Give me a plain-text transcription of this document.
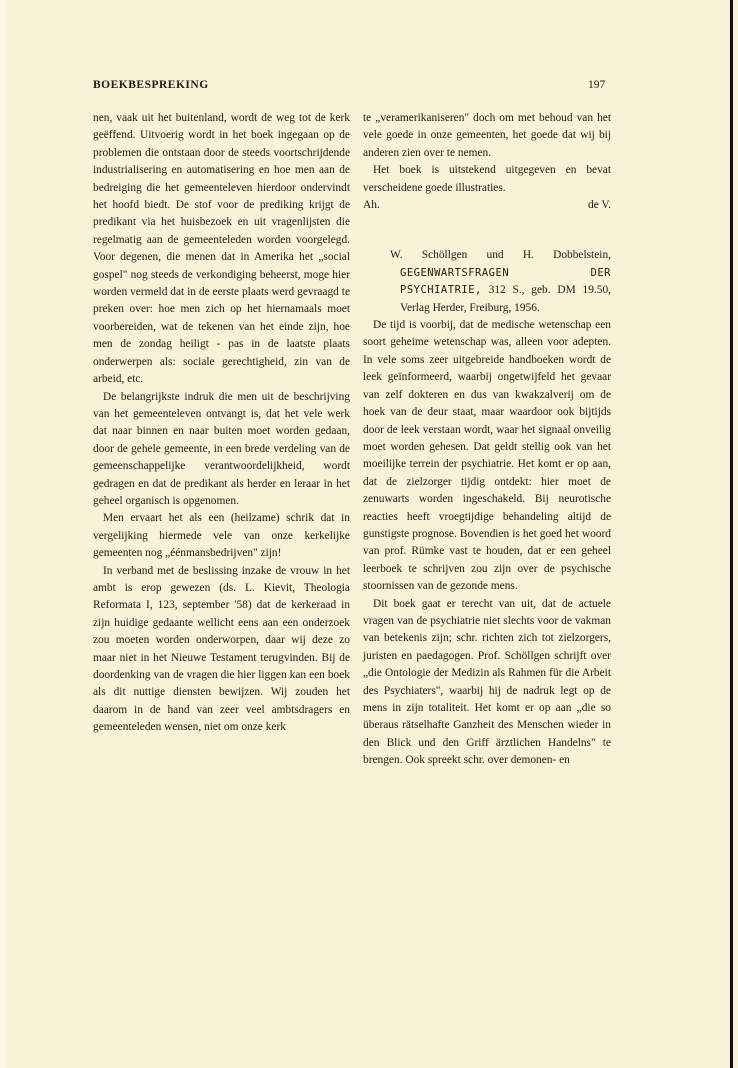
BOEKBESPREKING	197

nen, vaak uit het buitenland, wordt de weg tot de kerk geëffend. Uitvoerig wordt in het boek ingegaan op de problemen die ontstaan door de steeds voortschrijdende industrialisering en automatisering en hoe men aan de bedreiging die het gemeenteleven hierdoor ondervindt het hoofd biedt. De stof voor de prediking krijgt de predikant via het huisbezoek en uit vragenlijsten die regelmatig aan de gemeenteleden worden voorgelegd. Voor degenen, die menen dat in Amerika het „social gospel" nog steeds de verkondiging beheerst, moge hier worden vermeld dat in de eerste plaats werd gevraagd te preken over: hoe men zich op het hiernamaals moet voorbereiden, wat de tekenen van het einde zijn, hoe men de zondag heiligt - pas in de laatste plaats onderwerpen als: sociale gerechtigheid, zin van de arbeid, etc.

De belangrijkste indruk die men uit de beschrijving van het gemeenteleven ontvangt is, dat het vele werk dat naar binnen en naar buiten moet worden gedaan, door de gehele gemeente, in een brede verdeling van de gemeenschappelijke verantwoordelijkheid, wordt gedragen en dat de predikant als herder en leraar in het geheel organisch is opgenomen.

Men ervaart het als een (heilzame) schrik dat in vergelijking hiermede vele van onze kerkelijke gemeenten nog „éénmansbedrijven" zijn!

In verband met de beslissing inzake de vrouw in het ambt is erop gewezen (ds. L. Kievit, Theologia Reformata I, 123, september '58) dat de kerkeraad in zijn huidige gedaante wellicht eens aan een onderzoek zou moeten worden onderworpen, daar wij deze zo maar niet in het Nieuwe Testament terugvinden. Bij de doordenking van de vragen die hier liggen kan een boek als dit nuttige diensten bewijzen. Wij zouden het daarom in de hand van zeer veel ambtsdragers en gemeenteleden wensen, niet om onze kerk

te „veramerikaniseren" doch om met behoud van het vele goede in onze gemeenten, het goede dat wij bij anderen zien over te nemen.

Het boek is uitstekend uitgegeven en bevat verscheidene goede illustraties.

Ah.	de V.

W. Schöllgen und H. Dobbelstein, GEGENWARTSFRAGEN DER PSYCHIATRIE, 312 S., geb. DM 19.50, Verlag Herder, Freiburg, 1956.

De tijd is voorbij, dat de medische wetenschap een soort geheime wetenschap was, alleen voor adepten. In vele soms zeer uitgebreide handboeken wordt de leek geïnformeerd, waarbij ongetwijfeld het gevaar van zelf dokteren en dus van kwakzalverij om de hoek van de deur staat, maar waardoor ook bijtijds door de leek verstaan wordt, waar het signaal onveilig moet worden gehesen. Dat geldt stellig ook van het moeilijke terrein der psychiatrie. Het komt er op aan, dat de zielzorger tijdig ontdekt: hier moet de zenuwarts worden ingeschakeld. Bij neurotische reacties heeft vroegtijdige behandeling altijd de gunstigste prognose. Bovendien is het goed het woord van prof. Rümke vast te houden, dat er een geheel leerboek te schrijven zou zijn over de psychische stoornissen van de gezonde mens.

Dit boek gaat er terecht van uit, dat de actuele vragen van de psychiatrie niet slechts voor de vakman van betekenis zijn; schr. richten zich tot zielzorgers, juristen en paedagogen. Prof. Schöllgen schrijft over „die Ontologie der Medizin als Rahmen für die Arbeit des Psychiaters", waarbij hij de nadruk legt op de mens in zijn totaliteit. Het komt er op aan „die so überaus rätselhafte Ganzheit des Menschen wieder in den Blick und den Griff ärztlichen Handelns" te brengen. Ook spreekt schr. over demonen- en
